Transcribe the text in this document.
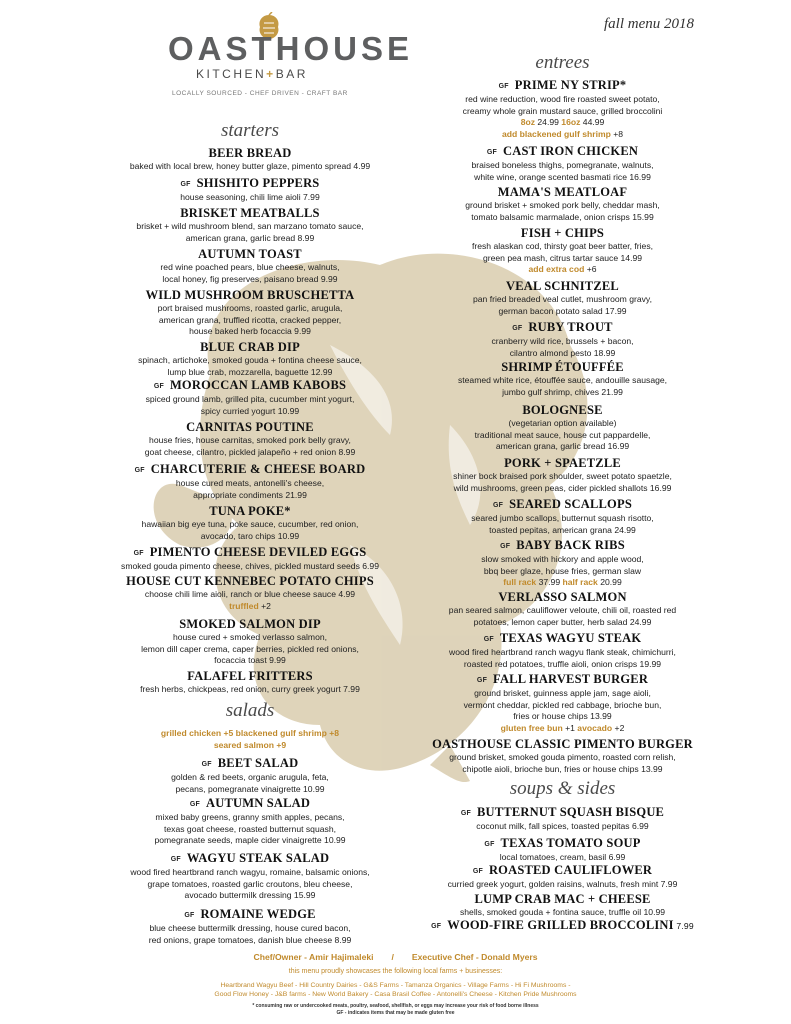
OASTHOUSE
KITCHEN+BAR
LOCALLY SOURCED - CHEF DRIVEN - CRAFT BAR
fall menu 2018
starters
BEER BREAD
baked with local brew, honey butter glaze, pimento spread 4.99
GF SHISHITO PEPPERS
house seasoning, chili lime aioli 7.99
BRISKET MEATBALLS
brisket + wild mushroom blend, san marzano tomato sauce,
american grana, garlic bread 8.99
AUTUMN TOAST
red wine poached pears, blue cheese, walnuts,
local honey, fig preserves, paisano bread 9.99
WILD MUSHROOM BRUSCHETTA
port braised mushrooms, roasted garlic, arugula,
american grana, truffled ricotta, cracked pepper,
house baked herb focaccia 9.99
BLUE CRAB DIP
spinach, artichoke, smoked gouda + fontina cheese sauce,
lump blue crab, mozzarella, baguette 12.99
GF MOROCCAN LAMB KABOBS
spiced ground lamb, grilled pita, cucumber mint yogurt,
spicy curried yogurt 10.99
CARNITAS POUTINE
house fries, house carnitas, smoked pork belly gravy,
goat cheese, cilantro, pickled jalapeño + red onion 8.99
GF CHARCUTERIE & CHEESE BOARD
house cured meats, antonelli's cheese,
appropriate condiments 21.99
TUNA POKE*
hawaiian big eye tuna, poke sauce, cucumber, red onion,
avocado, taro chips 10.99
GF PIMENTO CHEESE DEVILED EGGS
smoked gouda pimento cheese, chives, pickled mustard seeds 6.99
HOUSE CUT KENNEBEC POTATO CHIPS
choose chili lime aioli, ranch or blue cheese sauce 4.99
truffled +2
SMOKED SALMON DIP
house cured + smoked verlasso salmon,
lemon dill caper crema, caper berries, pickled red onions,
focaccia toast 9.99
FALAFEL FRITTERS
fresh herbs, chickpeas, red onion, curry greek yogurt 7.99
salads
grilled chicken +5 blackened gulf shrimp +8
seared salmon +9
GF BEET SALAD
golden & red beets, organic arugula, feta,
pecans, pomegranate vinaigrette 10.99
GF AUTUMN SALAD
mixed baby greens, granny smith apples, pecans,
texas goat cheese, roasted butternut squash,
pomegranate seeds, maple cider vinaigrette 10.99
GF WAGYU STEAK SALAD
wood fired heartbrand ranch wagyu, romaine, balsamic onions,
grape tomatoes, roasted garlic croutons, bleu cheese,
avocado buttermilk dressing 15.99
GF ROMAINE WEDGE
blue cheese buttermilk dressing, house cured bacon,
red onions, grape tomatoes, danish blue cheese 8.99
entrees
GF PRIME NY STRIP*
red wine reduction, wood fire roasted sweet potato,
creamy whole grain mustard sauce, grilled broccolini
8oz 24.99 16oz 44.99
add blackened gulf shrimp +8
GF CAST IRON CHICKEN
braised boneless thighs, pomegranate, walnuts,
white wine, orange scented basmati rice 16.99
MAMA'S MEATLOAF
ground brisket + smoked pork belly, cheddar mash,
tomato balsamic marmalade, onion crisps 15.99
FISH + CHIPS
fresh alaskan cod, thirsty goat beer batter, fries,
green pea mash, citrus tartar sauce 14.99
add extra cod +6
VEAL SCHNITZEL
pan fried breaded veal cutlet, mushroom gravy,
german bacon potato salad 17.99
GF RUBY TROUT
cranberry wild rice, brussels + bacon,
cilantro almond pesto 18.99
SHRIMP ÉTOUFFÉE
steamed white rice, étouffée sauce, andouille sausage,
jumbo gulf shrimp, chives 21.99
BOLOGNESE
(vegetarian option available)
traditional meat sauce, house cut pappardelle,
american grana, garlic bread 16.99
PORK + SPAETZLE
shiner bock braised pork shoulder, sweet potato spaetzle,
wild mushrooms, green peas, cider pickled shallots 16.99
GF SEARED SCALLOPS
seared jumbo scallops, butternut squash risotto,
toasted pepitas, american grana 24.99
GF BABY BACK RIBS
slow smoked with hickory and apple wood,
bbq beer glaze, house fries, german slaw
full rack 37.99 half rack 20.99
VERLASSO SALMON
pan seared salmon, cauliflower veloute, chili oil, roasted red
potatoes, lemon caper butter, herb salad 24.99
GF TEXAS WAGYU STEAK
wood fired heartbrand ranch wagyu flank steak, chimichurri,
roasted red potatoes, truffle aioli, onion crisps 19.99
GF FALL HARVEST BURGER
ground brisket, guinness apple jam, sage aioli,
vermont cheddar, pickled red cabbage, brioche bun,
fries or house chips 13.99
gluten free bun +1 avocado +2
OASTHOUSE CLASSIC PIMENTO BURGER
ground brisket, smoked gouda pimento, roasted corn relish,
chipotle aioli, brioche bun, fries or house chips 13.99
soups & sides
GF BUTTERNUT SQUASH BISQUE
coconut milk, fall spices, toasted pepitas 6.99
GF TEXAS TOMATO SOUP
local tomatoes, cream, basil 6.99
GF ROASTED CAULIFLOWER
curried greek yogurt, golden raisins, walnuts, fresh mint 7.99
LUMP CRAB MAC + CHEESE
shells, smoked gouda + fontina sauce, truffle oil 10.99
GF WOOD-FIRE GRILLED BROCCOLINI 7.99
Chef/Owner - Amir Hajimaleki / Executive Chef - Donald Myers
this menu proudly showcases the following local farms + businesses:
Heartbrand Wagyu Beef - Hill Country Dairies - G&S Farms - Tamanza Organics - Village Farms - Hi Fi Mushrooms -
Good Flow Honey - J&B farms - New World Bakery - Casa Brasil Coffee - Antonelli's Cheese - Kitchen Pride Mushrooms
* consuming raw or undercooked meats, poultry, seafood, shellfish, or eggs may increase your risk of food borne illness
GF - indicates items that may be made gluten free
